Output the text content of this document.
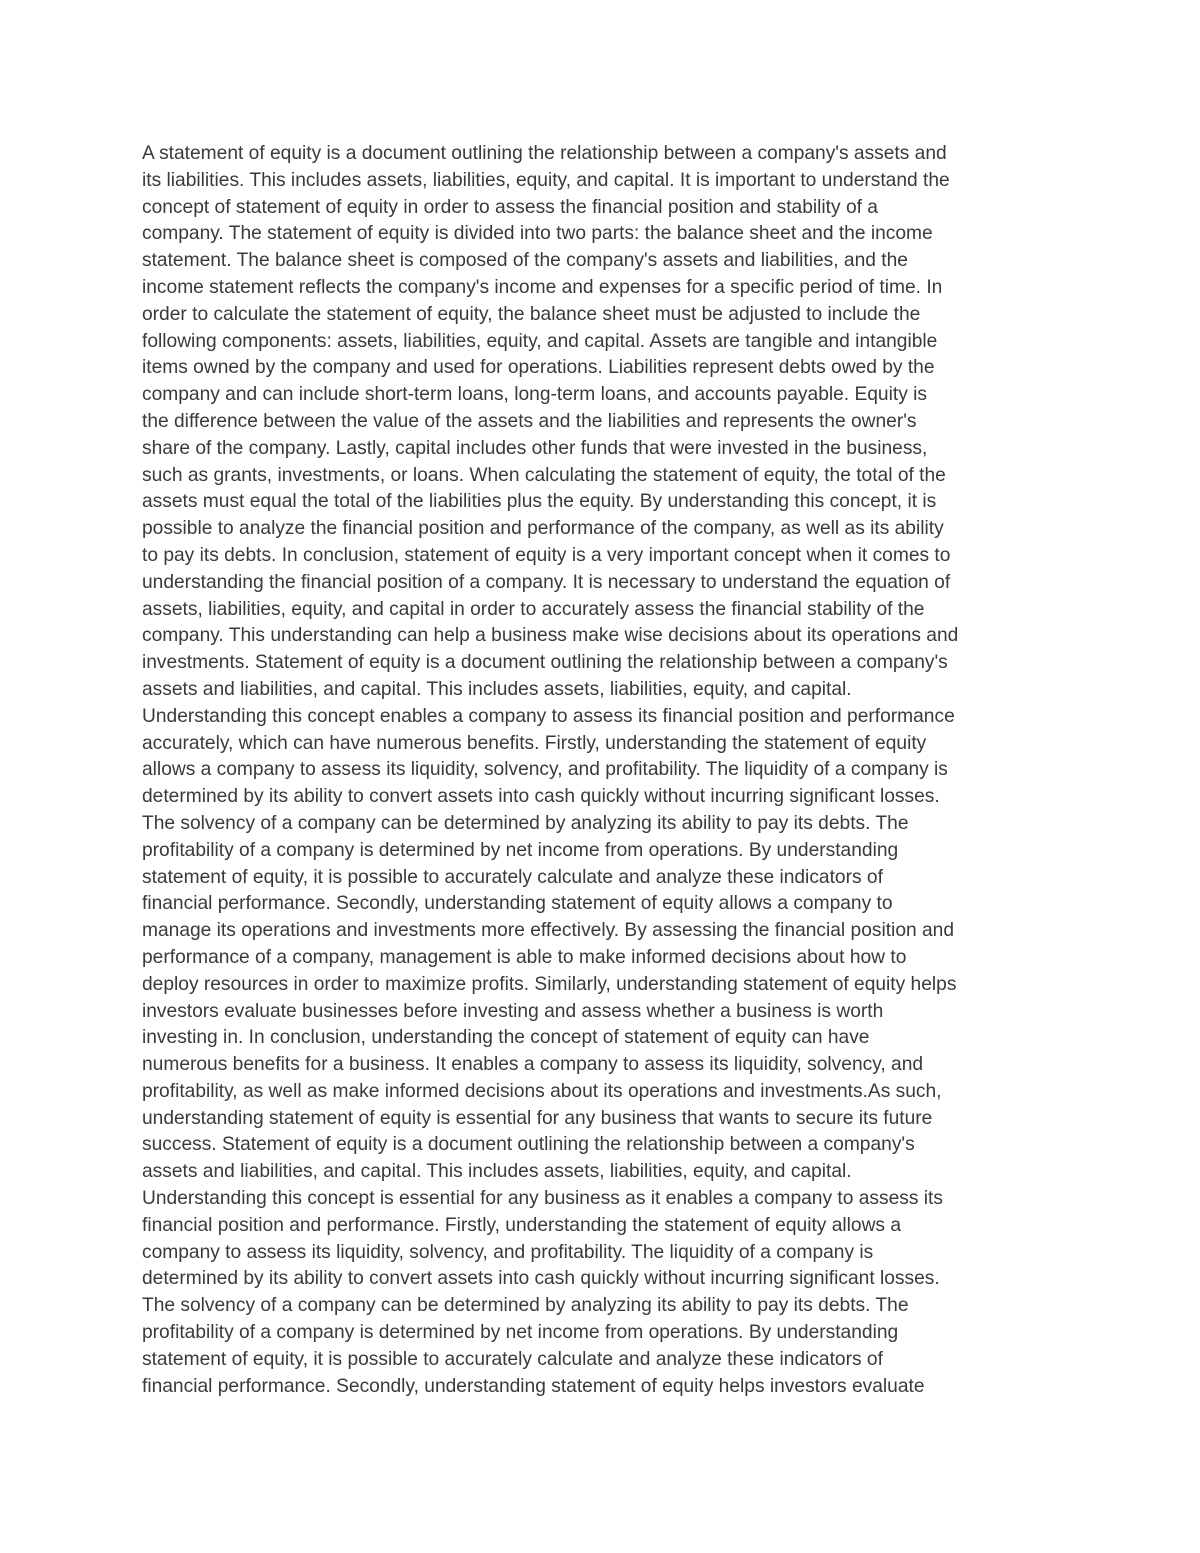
A statement of equity is a document outlining the relationship between a company's assets and
its liabilities. This includes assets, liabilities, equity, and capital. It is important to understand the
concept of statement of equity in order to assess the financial position and stability of a
company. The statement of equity is divided into two parts: the balance sheet and the income
statement. The balance sheet is composed of the company's assets and liabilities, and the
income statement reflects the company's income and expenses for a specific period of time. In
order to calculate the statement of equity, the balance sheet must be adjusted to include the
following components: assets, liabilities, equity, and capital. Assets are tangible and intangible
items owned by the company and used for operations. Liabilities represent debts owed by the
company and can include short-term loans, long-term loans, and accounts payable. Equity is
the difference between the value of the assets and the liabilities and represents the owner's
share of the company. Lastly, capital includes other funds that were invested in the business,
such as grants, investments, or loans. When calculating the statement of equity, the total of the
assets must equal the total of the liabilities plus the equity. By understanding this concept, it is
possible to analyze the financial position and performance of the company, as well as its ability
to pay its debts. In conclusion, statement of equity is a very important concept when it comes to
understanding the financial position of a company. It is necessary to understand the equation of
assets, liabilities, equity, and capital in order to accurately assess the financial stability of the
company. This understanding can help a business make wise decisions about its operations and
investments. Statement of equity is a document outlining the relationship between a company's
assets and liabilities, and capital. This includes assets, liabilities, equity, and capital.
Understanding this concept enables a company to assess its financial position and performance
accurately, which can have numerous benefits. Firstly, understanding the statement of equity
allows a company to assess its liquidity, solvency, and profitability. The liquidity of a company is
determined by its ability to convert assets into cash quickly without incurring significant losses.
The solvency of a company can be determined by analyzing its ability to pay its debts. The
profitability of a company is determined by net income from operations. By understanding
statement of equity, it is possible to accurately calculate and analyze these indicators of
financial performance. Secondly, understanding statement of equity allows a company to
manage its operations and investments more effectively. By assessing the financial position and
performance of a company, management is able to make informed decisions about how to
deploy resources in order to maximize profits. Similarly, understanding statement of equity helps
investors evaluate businesses before investing and assess whether a business is worth
investing in. In conclusion, understanding the concept of statement of equity can have
numerous benefits for a business. It enables a company to assess its liquidity, solvency, and
profitability, as well as make informed decisions about its operations and investments.As such,
understanding statement of equity is essential for any business that wants to secure its future
success. Statement of equity is a document outlining the relationship between a company's
assets and liabilities, and capital. This includes assets, liabilities, equity, and capital.
Understanding this concept is essential for any business as it enables a company to assess its
financial position and performance. Firstly, understanding the statement of equity allows a
company to assess its liquidity, solvency, and profitability. The liquidity of a company is
determined by its ability to convert assets into cash quickly without incurring significant losses.
The solvency of a company can be determined by analyzing its ability to pay its debts. The
profitability of a company is determined by net income from operations. By understanding
statement of equity, it is possible to accurately calculate and analyze these indicators of
financial performance. Secondly, understanding statement of equity helps investors evaluate
